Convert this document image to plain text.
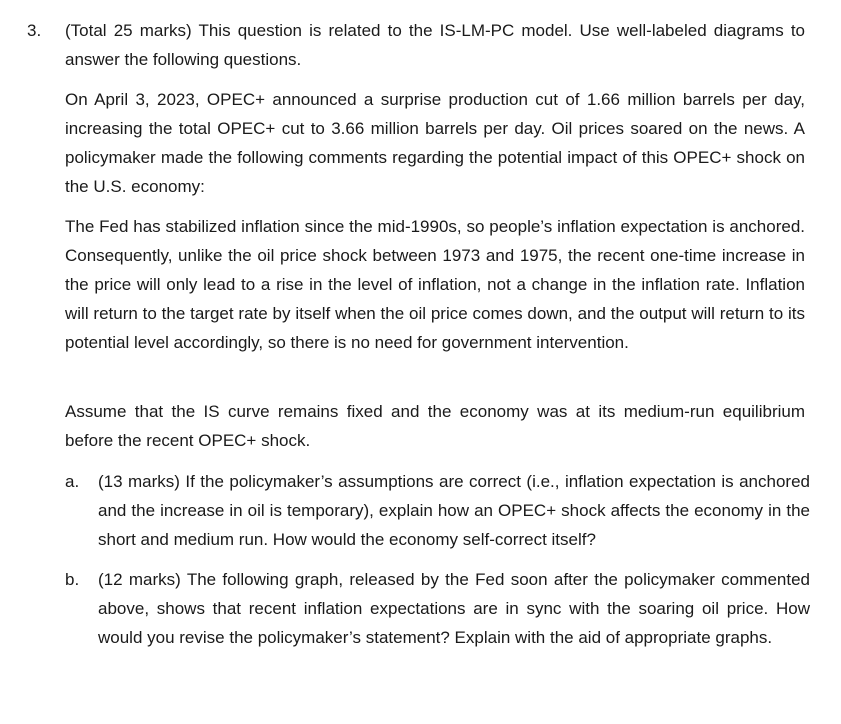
3. (Total 25 marks) This question is related to the IS-LM-PC model. Use well-labeled diagrams to answer the following questions.
On April 3, 2023, OPEC+ announced a surprise production cut of 1.66 million barrels per day, increasing the total OPEC+ cut to 3.66 million barrels per day. Oil prices soared on the news. A policymaker made the following comments regarding the potential impact of this OPEC+ shock on the U.S. economy:
The Fed has stabilized inflation since the mid-1990s, so people’s inflation expectation is anchored. Consequently, unlike the oil price shock between 1973 and 1975, the recent one-time increase in the price will only lead to a rise in the level of inflation, not a change in the inflation rate. Inflation will return to the target rate by itself when the oil price comes down, and the output will return to its potential level accordingly, so there is no need for government intervention.
Assume that the IS curve remains fixed and the economy was at its medium-run equilibrium before the recent OPEC+ shock.
a. (13 marks) If the policymaker’s assumptions are correct (i.e., inflation expectation is anchored and the increase in oil is temporary), explain how an OPEC+ shock affects the economy in the short and medium run. How would the economy self-correct itself?
b. (12 marks) The following graph, released by the Fed soon after the policymaker commented above, shows that recent inflation expectations are in sync with the soaring oil price. How would you revise the policymaker’s statement? Explain with the aid of appropriate graphs.
